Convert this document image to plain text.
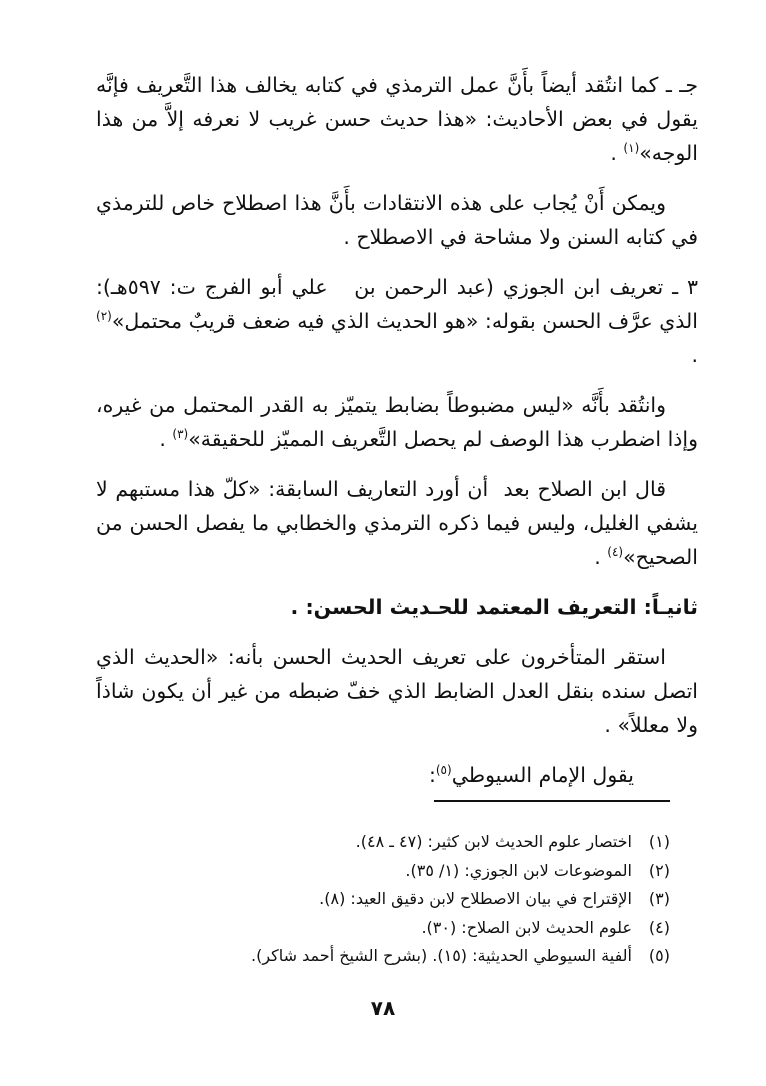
جـ ـ كما انتُقد أيضاً بأَنَّ عمل الترمذي في كتابه يخالف هذا التَّعريف فإنَّه يقول في بعض الأحاديث: «هذا حديث حسن غريب لا نعرفه إلاَّ من هذا الوجه»$^{(١)}$ .

ويمكن أَنْ يُجاب على هذه الانتقادات بأَنَّ هذا اصطلاح خاص للترمذي في كتابه السنن ولا مشاحة في الاصطلاح .

٣ ـ تعريف ابن الجوزي (عبد الرحمن بن   علي أبو الفرج ت: ٥٩٧هـ): الذي عرَّف الحسن بقوله: «هو الحديث الذي فيه ضعف قريبٌ محتمل»$^{(٢)}$ .

وانتُقد بأَنَّه «ليس مضبوطاً بضابط يتميّز به القدر المحتمل من غيره، وإذا اضطرب هذا الوصف لم يحصل التَّعريف المميّز للحقيقة»$^{(٣)}$ .

قال ابن الصلاح بعد  أن أورد التعاريف السابقة: «كلّ هذا مستبهم لا يشفي الغليل، وليس فيما ذكره الترمذي والخطابي ما يفصل الحسن من الصحيح»$^{(٤)}$ .

ثانيـاً: التعريف المعتمد للحـديث الحسن: .

استقر المتأخرون على تعريف الحديث الحسن بأنه: «الحديث الذي اتصل سنده بنقل العدل الضابط الذي خفّ ضبطه من غير أن يكون شاذاً ولا معللاً» .

يقول الإمام السيوطي$^{(٥)}$:

(١)
اختصار علوم الحديث لابن كثير: (٤٧ ـ ٤٨).
(٢)
الموضوعات لابن الجوزي: (١/ ٣٥).
(٣)
الإقتراح في بيان الاصطلاح لابن دقيق العيد: (٨).
(٤)
علوم الحديث لابن الصلاح: (٣٠).
(٥)
ألفية السيوطي الحديثية: (١٥). (بشرح الشيخ أحمد شاكر).
٧٨
